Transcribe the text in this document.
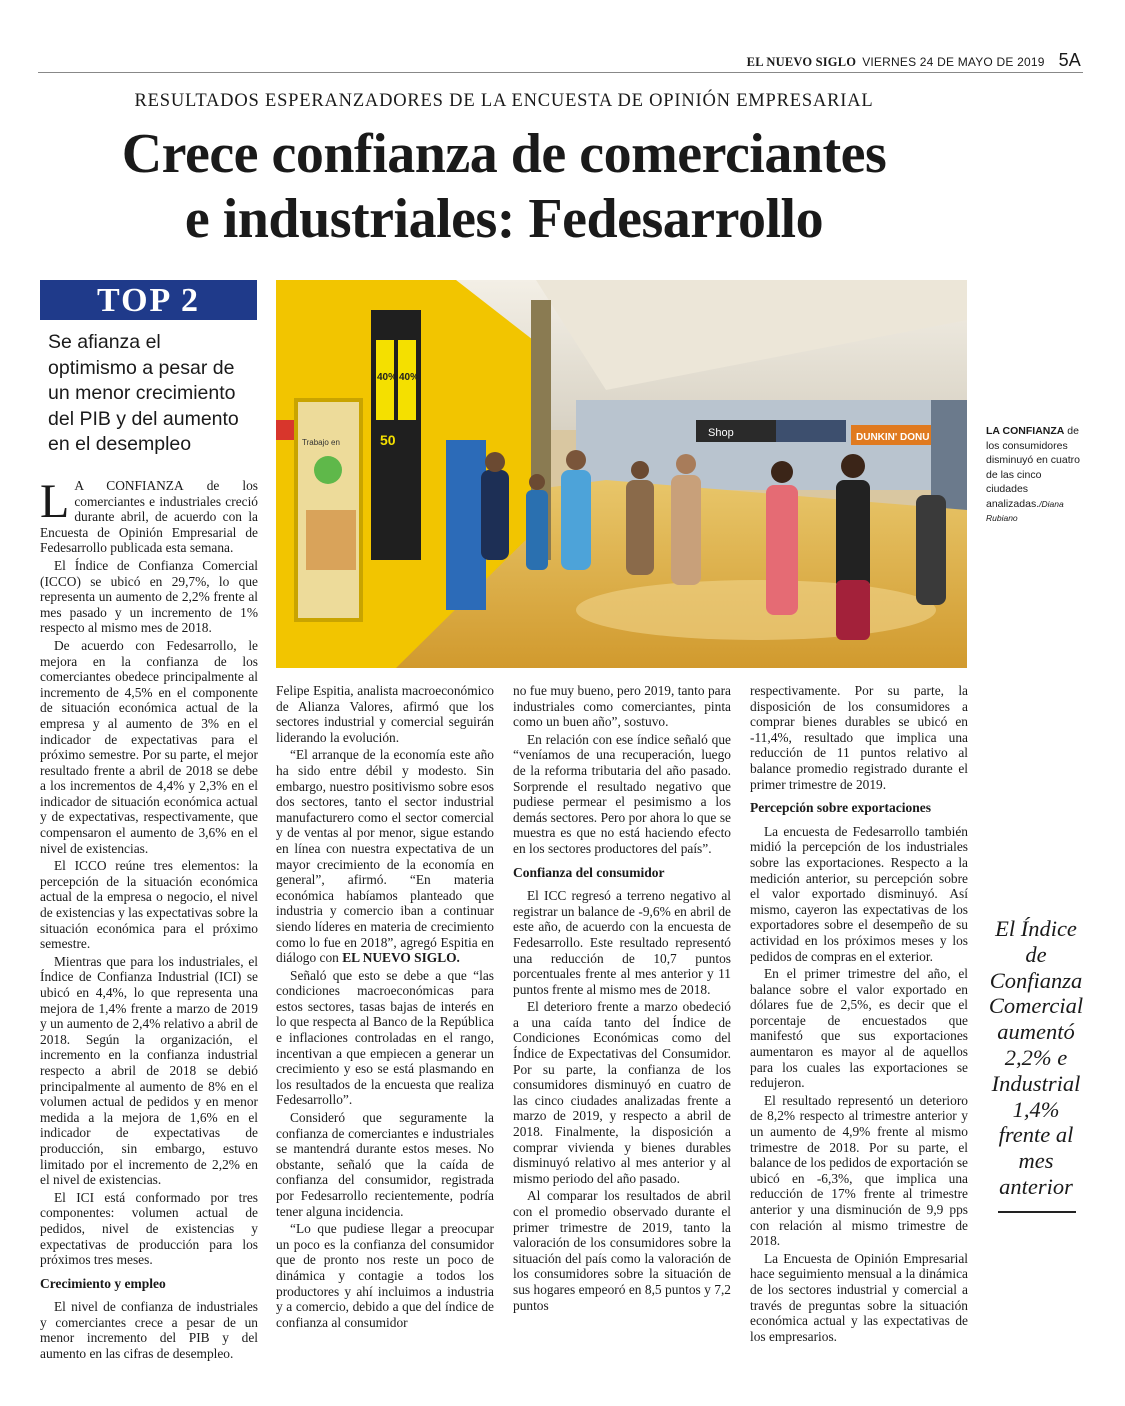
EL NUEVO SIGLO VIERNES 24 DE MAYO DE 2019 5A
RESULTADOS ESPERANZADORES DE LA ENCUESTA DE OPINIÓN EMPRESARIAL
Crece confianza de comerciantes
e industriales: Fedesarrollo
TOP 2
Se afianza el optimismo a pesar de un menor crecimiento del PIB y del aumento en el desempleo	Shop	DUNKIN' DONU
40% 40%
50
Trabajo en
LA CONFIANZA de los consumidores disminuyó en cuatro de las cinco ciudades analizadas./Diana Rubiano

L A CONFIANZA de los comerciantes e industriales creció durante abril, de acuerdo con la Encuesta de Opinión Empresarial de Fedesarrollo publicada esta semana.

El Índice de Confianza Comercial (ICCO) se ubicó en 29,7%, lo que representa un aumento de 2,2% frente al mes pasado y un incremento de 1% respecto al mismo mes de 2018.

De acuerdo con Fedesarrollo, le mejora en la confianza de los comerciantes obedece principalmente al incremento de 4,5% en el componente de situación económica actual de la empresa y al aumento de 3% en el indicador de expectativas para el próximo semestre. Por su parte, el mejor resultado frente a abril de 2018 se debe a los incrementos de 4,4% y 2,3% en el indicador de situación económica actual y de expectativas, respectivamente, que compensaron el aumento de 3,6% en el nivel de existencias.

El ICCO reúne tres elementos: la percepción de la situación económica actual de la empresa o negocio, el nivel de existencias y las expectativas sobre la situación económica para el próximo semestre.

Mientras que para los industriales, el Índice de Confianza Industrial (ICI) se ubicó en 4,4%, lo que representa una mejora de 1,4% frente a marzo de 2019 y un aumento de 2,4% relativo a abril de 2018. Según la organización, el incremento en la confianza industrial respecto a abril de 2018 se debió principalmente al aumento de 8% en el volumen actual de pedidos y en menor medida a la mejora de 1,6% en el indicador de expectativas de producción, sin embargo, estuvo limitado por el incremento de 2,2% en el nivel de existencias.

El ICI está conformado por tres componentes: volumen actual de pedidos, nivel de existencias y expectativas de producción para los próximos tres meses.

Crecimiento y empleo

El nivel de confianza de industriales y comerciantes crece a pesar de un menor incremento del PIB y del aumento en las cifras de desempleo.

Felipe Espitia, analista macroeconómico de Alianza Valores, afirmó que los sectores industrial y comercial seguirán liderando la evolución.

“El arranque de la economía este año ha sido entre débil y modesto. Sin embargo, nuestro positivismo sobre esos dos sectores, tanto el sector industrial manufacturero como el sector comercial y de ventas al por menor, sigue estando en línea con nuestra expectativa de un mayor crecimiento de la economía en general”, afirmó. “En materia económica habíamos planteado que industria y comercio iban a continuar siendo líderes en materia de crecimiento como lo fue en 2018”, agregó Espitia en diálogo con EL NUEVO SIGLO.

Señaló que esto se debe a que “las condiciones macroeconómicas para estos sectores, tasas bajas de interés en lo que respecta al Banco de la República e inflaciones controladas en el rango, incentivan a que empiecen a generar un crecimiento y eso se está plasmando en los resultados de la encuesta que realiza Fedesarrollo”.

Consideró que seguramente la confianza de comerciantes e industriales se mantendrá durante estos meses. No obstante, señaló que la caída de confianza del consumidor, registrada por Fedesarrollo recientemente, podría tener alguna incidencia.

“Lo que pudiese llegar a preocupar un poco es la confianza del consumidor que de pronto nos reste un poco de dinámica y contagie a todos los productores y ahí incluimos a industria y a comercio, debido a que del índice de confianza al consumidor

no fue muy bueno, pero 2019, tanto para industriales como comerciantes, pinta como un buen año”, sostuvo.

En relación con ese índice señaló que “veníamos de una recuperación, luego de la reforma tributaria del año pasado. Sorprende el resultado negativo que pudiese permear el pesimismo a los demás sectores. Pero por ahora lo que se muestra es que no está haciendo efecto en los sectores productores del país”.

Confianza del consumidor

El ICC regresó a terreno negativo al registrar un balance de -9,6% en abril de este año, de acuerdo con la encuesta de Fedesarrollo. Este resultado representó una reducción de 10,7 puntos porcentuales frente al mes anterior y 11 puntos frente al mismo mes de 2018.

El deterioro frente a marzo obedeció a una caída tanto del Índice de Condiciones Económicas como del Índice de Expectativas del Consumidor. Por su parte, la confianza de los consumidores disminuyó en cuatro de las cinco ciudades analizadas frente a marzo de 2019, y respecto a abril de 2018. Finalmente, la disposición a comprar vivienda y bienes durables disminuyó relativo al mes anterior y al mismo periodo del año pasado.

Al comparar los resultados de abril con el promedio observado durante el primer trimestre de 2019, tanto la valoración de los consumidores sobre la situación del país como la valoración de los consumidores sobre la situación de sus hogares empeoró en 8,5 puntos y 7,2 puntos

respectivamente. Por su parte, la disposición de los consumidores a comprar bienes durables se ubicó en -11,4%, resultado que implica una reducción de 11 puntos relativo al balance promedio registrado durante el primer trimestre de 2019.

Percepción sobre exportaciones

La encuesta de Fedesarrollo también midió la percepción de los industriales sobre las exportaciones. Respecto a la medición anterior, su percepción sobre el valor exportado disminuyó. Así mismo, cayeron las expectativas de los exportadores sobre el desempeño de su actividad en los próximos meses y los pedidos de compras en el exterior.

En el primer trimestre del año, el balance sobre el valor exportado en dólares fue de 2,5%, es decir que el porcentaje de encuestados que manifestó que sus exportaciones aumentaron es mayor al de aquellos para los cuales las exportaciones se redujeron.

El resultado representó un deterioro de 8,2% respecto al trimestre anterior y un aumento de 4,9% frente al mismo trimestre de 2018. Por su parte, el balance de los pedidos de exportación se ubicó en -6,3%, que implica una reducción de 17% frente al trimestre anterior y una disminución de 9,9 pps con relación al mismo trimestre de 2018.

La Encuesta de Opinión Empresarial hace seguimiento mensual a la dinámica de los sectores industrial y comercial a través de preguntas sobre la situación económica actual y las expectativas de los empresarios.

El Índice de Confianza Comercial aumentó 2,2% e Industrial 1,4% frente al mes anterior
